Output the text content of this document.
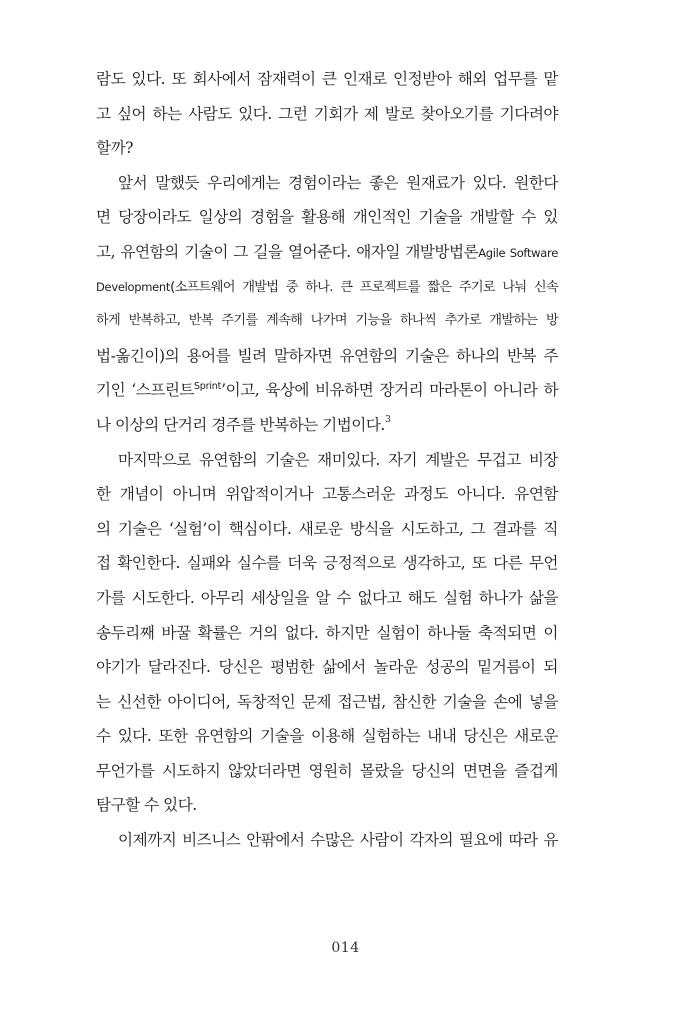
람도 있다. 또 회사에서 잠재력이 큰 인재로 인정받아 해외 업무를 맡
고 싶어 하는 사람도 있다. 그런 기회가 제 발로 찾아오기를 기다려야
할까?
앞서 말했듯 우리에게는 경험이라는 좋은 원재료가 있다. 원한다
면 당장이라도 일상의 경험을 활용해 개인적인 기술을 개발할 수 있
고, 유연함의 기술이 그 길을 열어준다. 애자일 개발방법론Agile Software
Development(소프트웨어 개발법 중 하나. 큰 프로젝트를 짧은 주기로 나눠 신속
하게 반복하고, 반복 주기를 계속해 나가며 기능을 하나씩 추가로 개발하는 방
법-옮긴이)의 용어를 빌려 말하자면 유연함의 기술은 하나의 반복 주
기인 ‘스프린트$^{Sprint}$’이고, 육상에 비유하면 장거리 마라톤이 아니라 하
나 이상의 단거리 경주를 반복하는 기법이다.$^3$
마지막으로 유연함의 기술은 재미있다. 자기 계발은 무겁고 비장
한 개념이 아니며 위압적이거나 고통스러운 과정도 아니다. 유연함
의 기술은 ‘실험’이 핵심이다. 새로운 방식을 시도하고, 그 결과를 직
접 확인한다. 실패와 실수를 더욱 긍정적으로 생각하고, 또 다른 무언
가를 시도한다. 아무리 세상일을 알 수 없다고 해도 실험 하나가 삶을
송두리째 바꿀 확률은 거의 없다. 하지만 실험이 하나둘 축적되면 이
야기가 달라진다. 당신은 평범한 삶에서 놀라운 성공의 밑거름이 되
는 신선한 아이디어, 독창적인 문제 접근법, 참신한 기술을 손에 넣을
수 있다. 또한 유연함의 기술을 이용해 실험하는 내내 당신은 새로운
무언가를 시도하지 않았더라면 영원히 몰랐을 당신의 면면을 즐겁게
탐구할 수 있다.
이제까지 비즈니스 안팎에서 수많은 사람이 각자의 필요에 따라 유
014
